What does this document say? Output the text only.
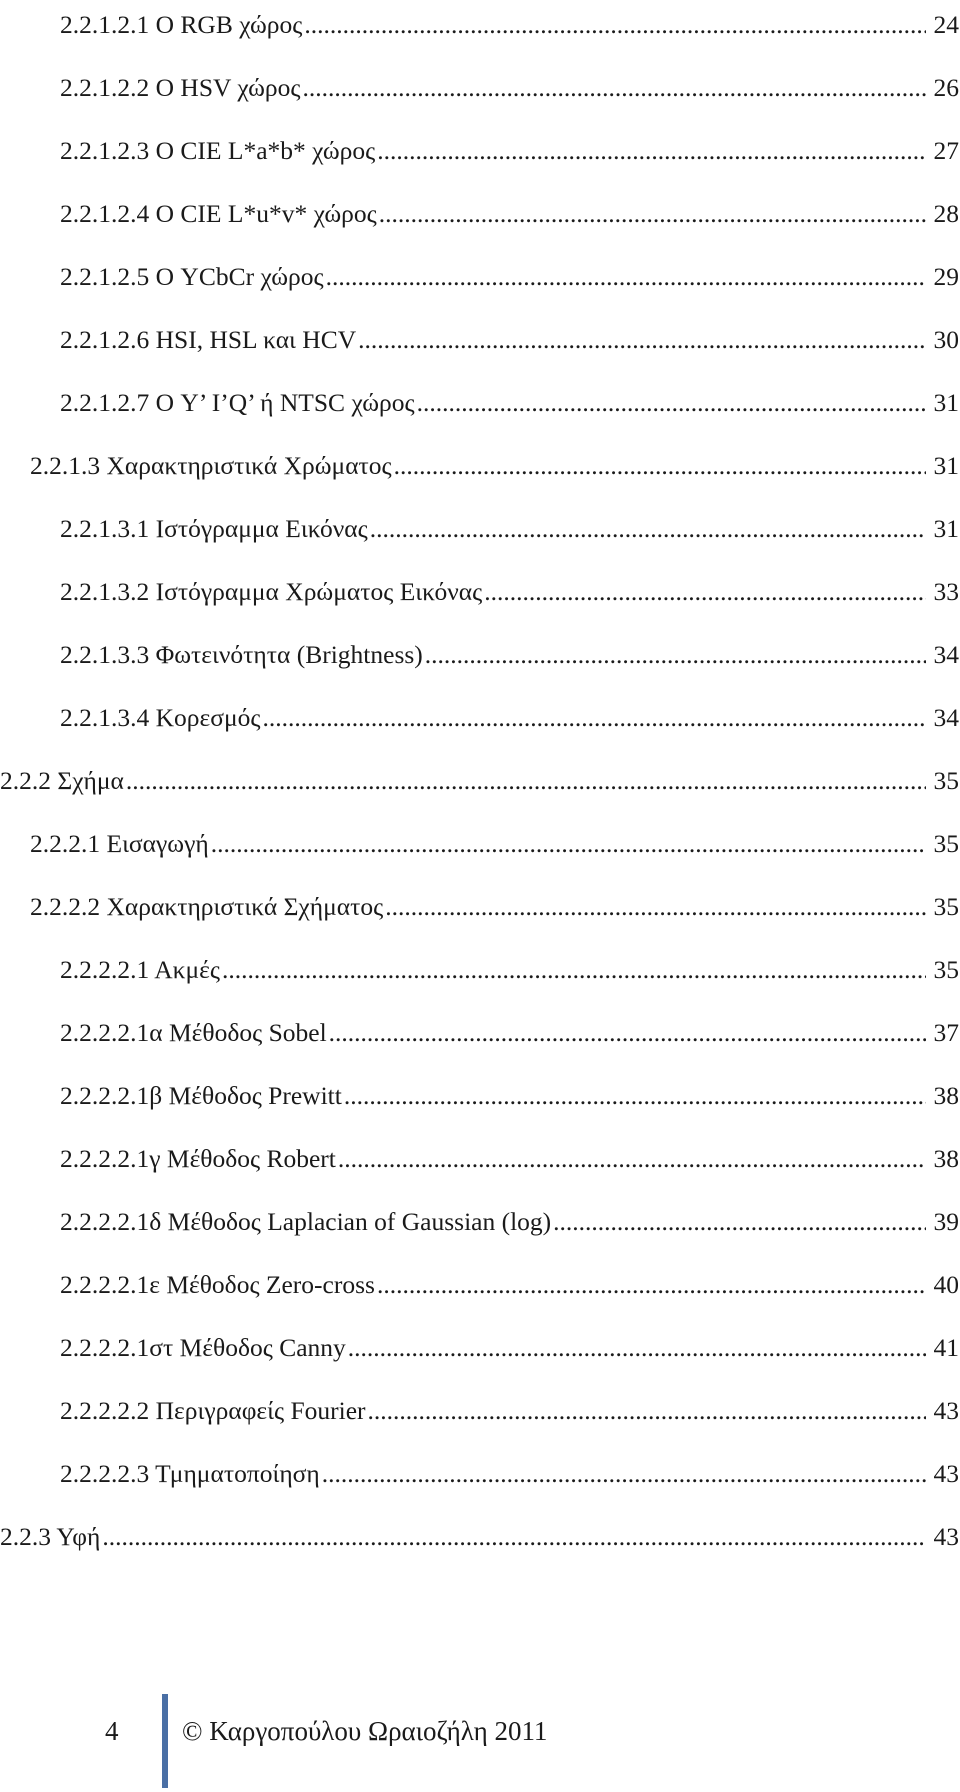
2.2.1.2.1 Ο RGB χώρος .....	24
2.2.1.2.2 Ο HSV χώρος .....	26
2.2.1.2.3 Ο CIE L*a*b* χώρος .....	27
2.2.1.2.4 Ο CIE L*u*v* χώρος .....	28
2.2.1.2.5 Ο YCbCr χώρος .....	29
2.2.1.2.6 HSI, HSL και HCV .....	30
2.2.1.2.7 Ο Y’ I’Q’ ή NTSC χώρος .....	31
2.2.1.3 Χαρακτηριστικά Χρώματος .....	31
2.2.1.3.1 Ιστόγραμμα Εικόνας .....	31
2.2.1.3.2 Ιστόγραμμα Χρώματος Εικόνας .....	33
2.2.1.3.3 Φωτεινότητα (Brightness) .....	34
2.2.1.3.4 Κορεσμός .....	34
2.2.2 Σχήμα .....	35
2.2.2.1 Εισαγωγή .....	35
2.2.2.2 Χαρακτηριστικά Σχήματος .....	35
2.2.2.2.1 Ακμές .....	35
2.2.2.2.1α Μέθοδος Sobel .....	37
2.2.2.2.1β Μέθοδος Prewitt .....	38
2.2.2.2.1γ Μέθοδος Robert .....	38
2.2.2.2.1δ Μέθοδος Laplacian of Gaussian (log) .....	39
2.2.2.2.1ε Μέθοδος Zero-cross .....	40
2.2.2.2.1στ Μέθοδος Canny .....	41
2.2.2.2.2 Περιγραφείς Fourier .....	43
2.2.2.2.3 Τμηματοποίηση .....	43
2.2.3 Υφή .....	43
4 © Καργοπούλου Ωραιοζήλη 2011
